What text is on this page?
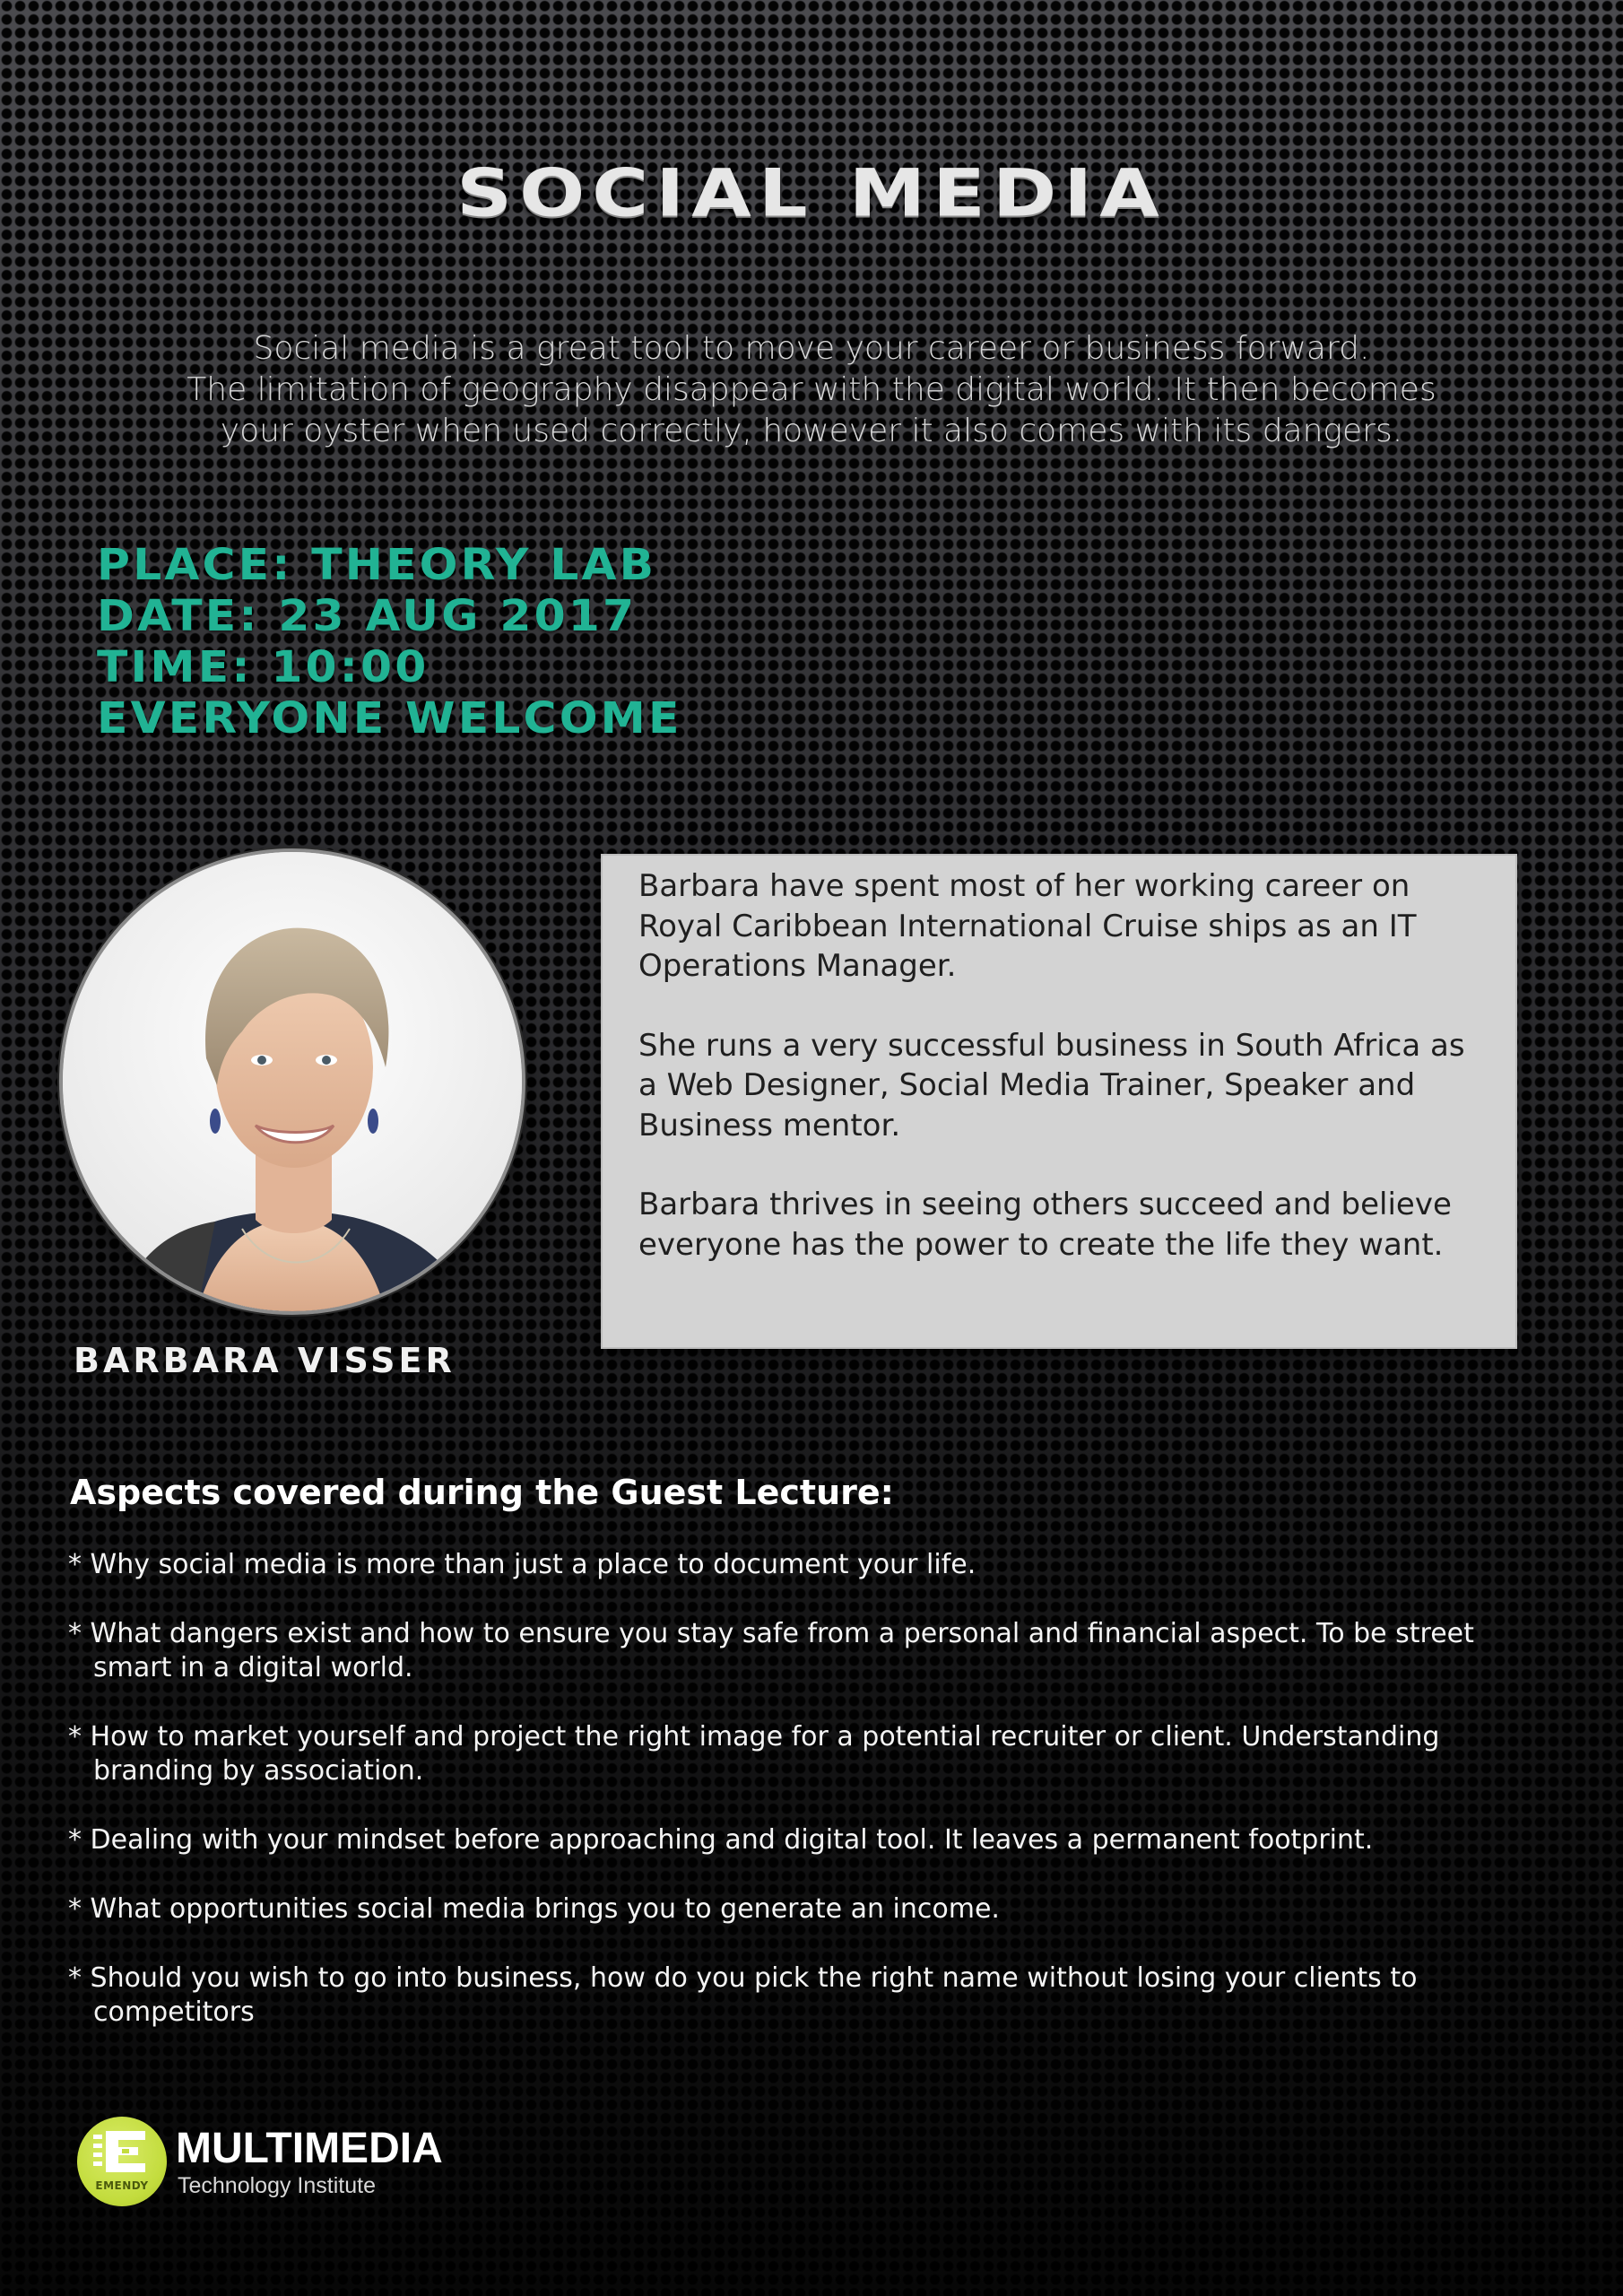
SOCIAL MEDIA

Social media is a great tool to move your career or business forward.

The limitation of geography disappear with the digital world. It then becomes

your oyster when used correctly, however it also comes with its dangers.

PLACE: THEORY LAB

DATE: 23 AUG 2017

TIME: 10:00

EVERYONE WELCOME

BARBARA VISSER

Barbara have spent most of her working career on Royal Caribbean International Cruise ships as an IT Operations Manager.

She runs a very successful business in South Africa as a Web Designer, Social Media Trainer, Speaker and Business mentor.

Barbara thrives in seeing others succeed and believe everyone has the power to create the life they want.

Aspects covered during the Guest Lecture:
* Why social media is more than just a place to document your life.
* What dangers exist and how to ensure you stay safe from a personal and financial aspect. To be street smart in a digital world.
* How to market yourself and project the right image for a potential recruiter or client. Understanding branding by association.
* Dealing with your mindset before approaching and digital tool. It leaves a permanent footprint.
* What opportunities social media brings you to generate an income.
* Should you wish to go into business, how do you pick the right name without losing your clients to competitors
EMENDY
MULTIMEDIA
Technology Institute
